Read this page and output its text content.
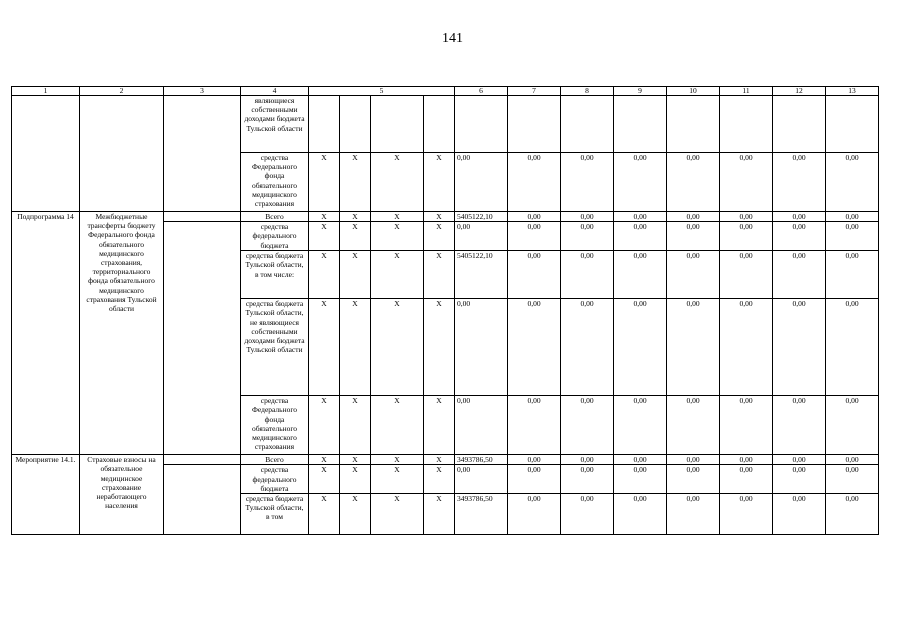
141
1	2	3	4	5				6	7	8	9	10	11	12	13
			являющиеся собственными доходами бюджета Тульской области												
			средства Федерального фонда обязательного медицинского страхования	X	X	X	X	0,00	0,00	0,00	0,00	0,00	0,00	0,00	0,00
Подпрограмма 14	Межбюджетные трансферты бюджету Федерального фонда обязательного медицинского страхования, территориального фонда обязательного медицинского страхования Тульской области		Всего	X	X	X	X	5405122,10	0,00	0,00	0,00	0,00	0,00	0,00	0,00
			средства федерального бюджета	X	X	X	X	0,00	0,00	0,00	0,00	0,00	0,00	0,00	0,00
			средства бюджета Тульской области, в том числе:	X	X	X	X	5405122,10	0,00	0,00	0,00	0,00	0,00	0,00	0,00
			средства бюджета Тульской области, не являющиеся собственными доходами бюджета Тульской области	X	X	X	X	0,00	0,00	0,00	0,00	0,00	0,00	0,00	0,00
			средства Федерального фонда обязательного медицинского страхования	X	X	X	X	0,00	0,00	0,00	0,00	0,00	0,00	0,00	0,00
Мероприятие 14.1.	Страховые взносы на обязательное медицинское страхование неработающего населения		Всего	X	X	X	X	3493786,50	0,00	0,00	0,00	0,00	0,00	0,00	0,00
			средства федерального бюджета	X	X	X	X	0,00	0,00	0,00	0,00	0,00	0,00	0,00	0,00
			средства бюджета Тульской области, в том	X	X	X	X	3493786,50	0,00	0,00	0,00	0,00	0,00	0,00	0,00
